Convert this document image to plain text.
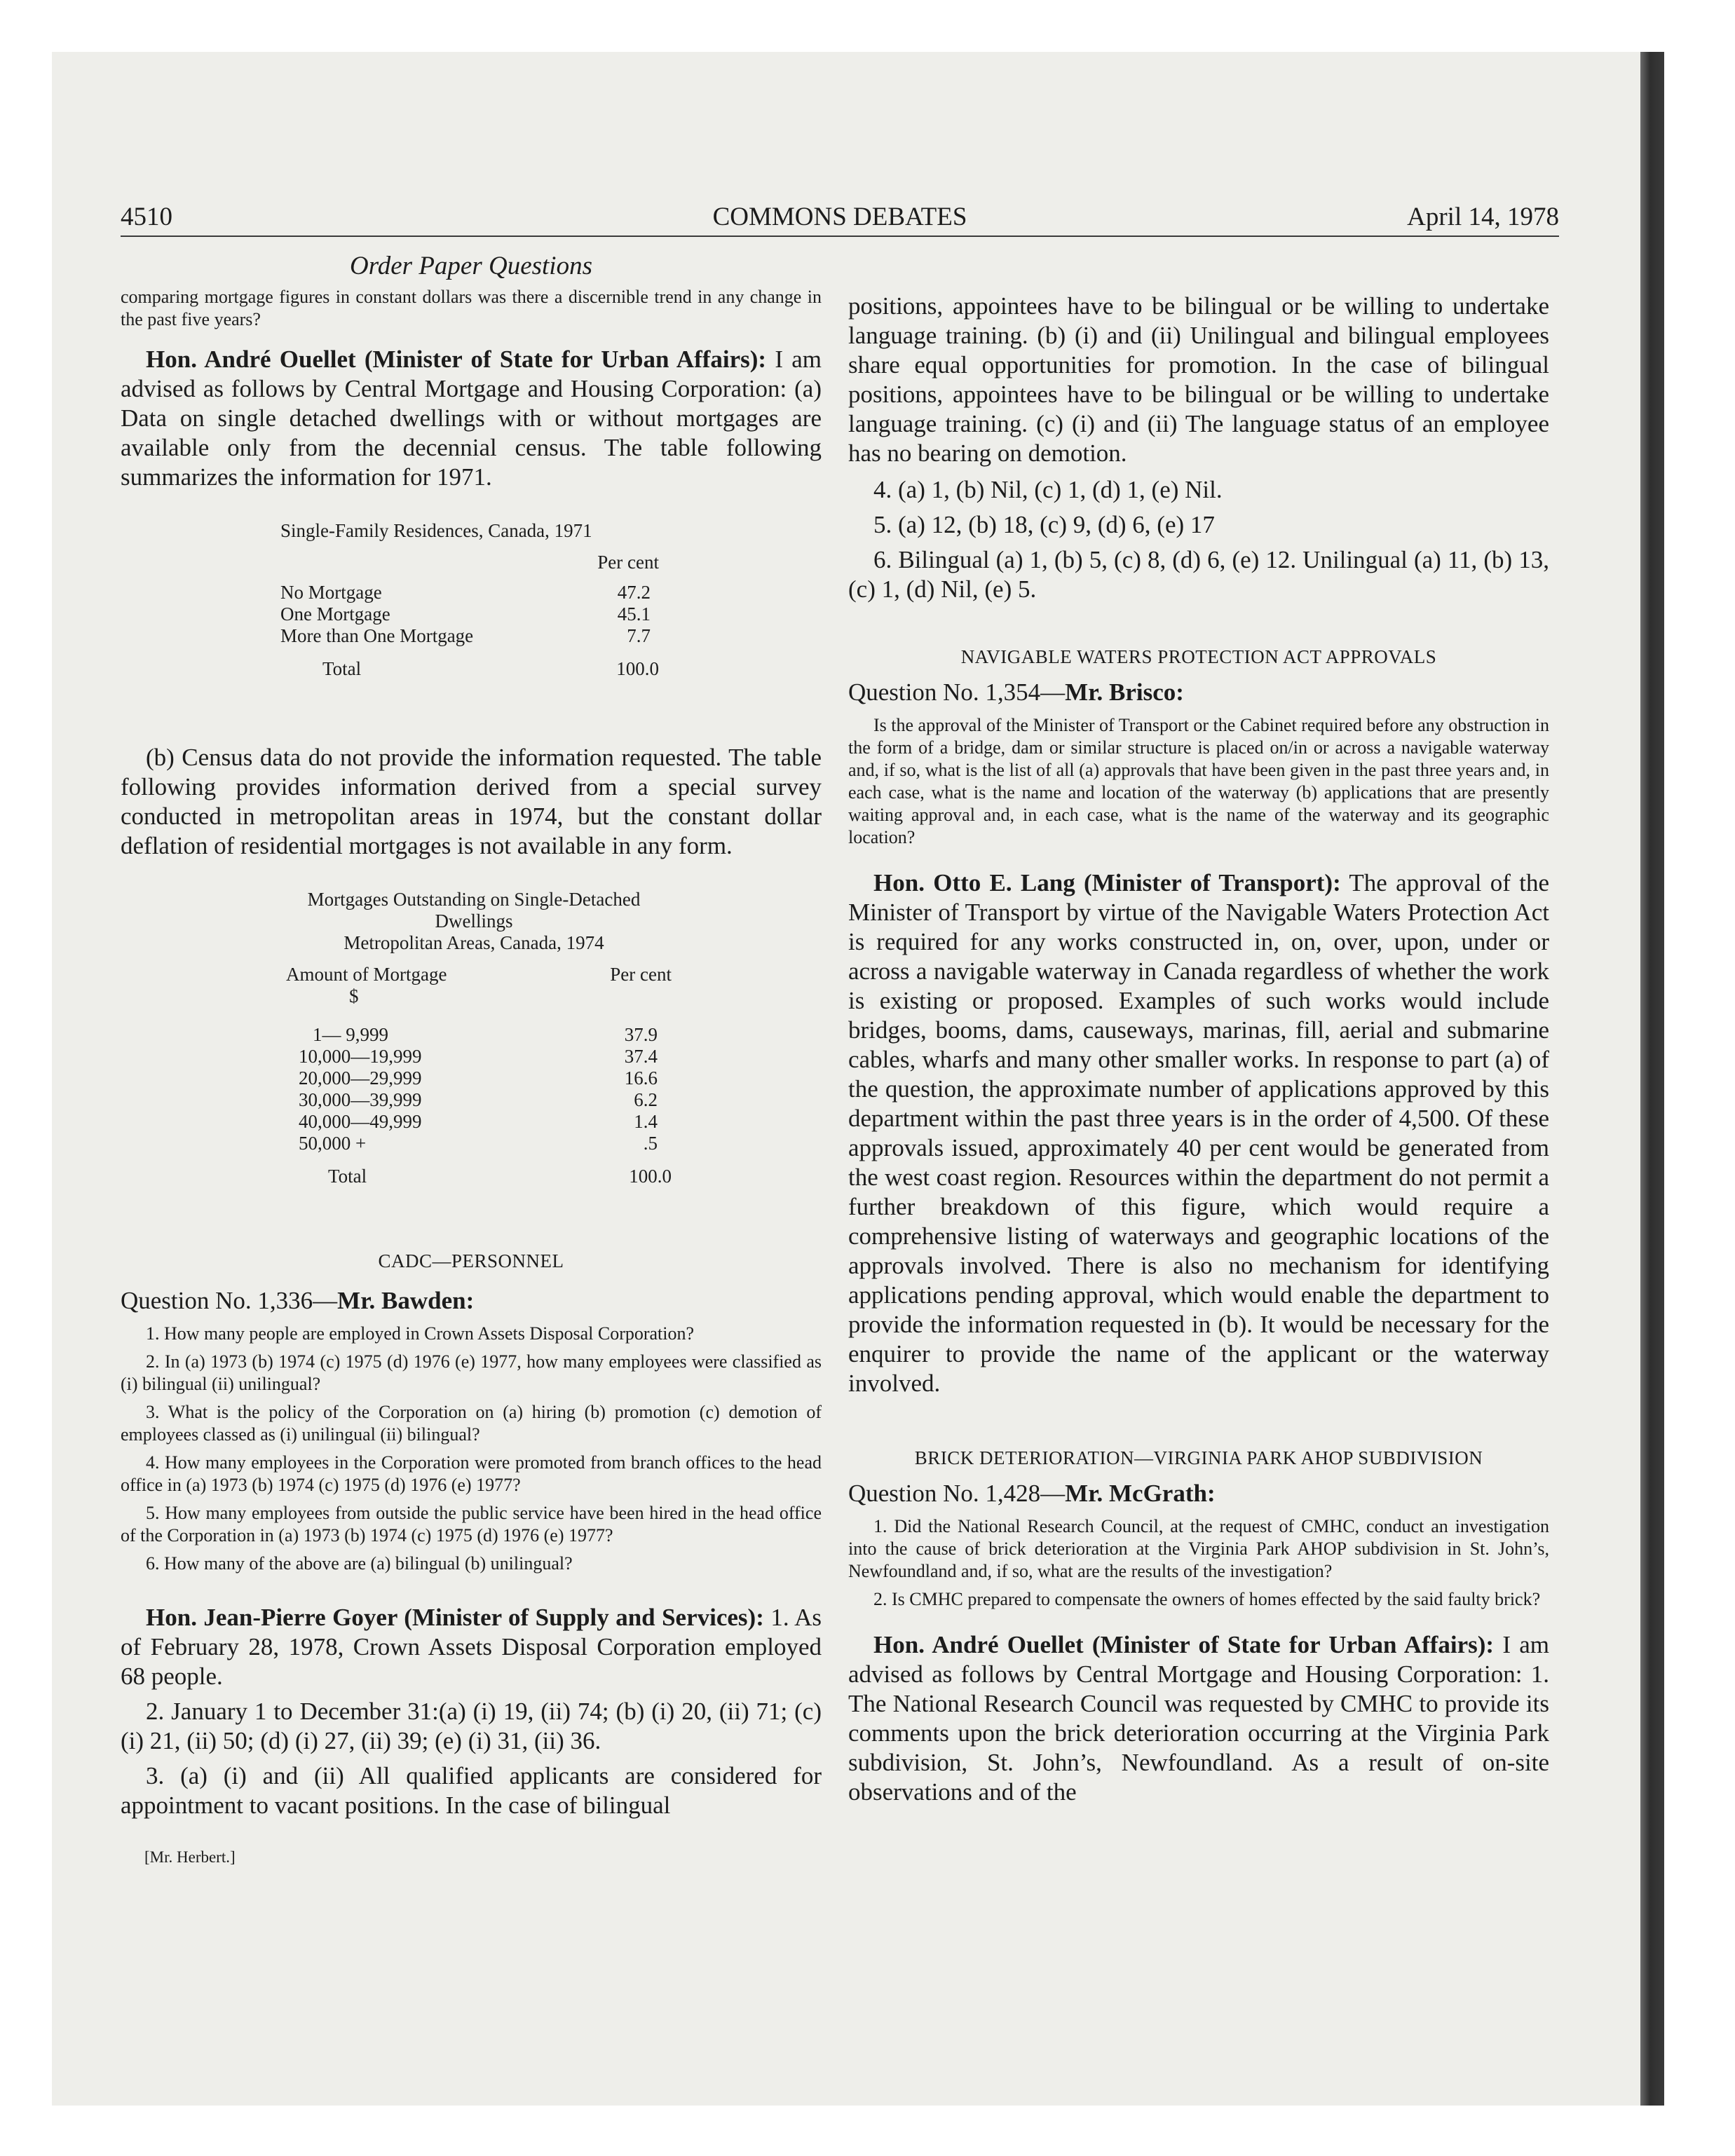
4510	COMMONS DEBATES	April 14, 1978
Order Paper Questions

comparing mortgage figures in constant dollars was there a discernible trend in any change in the past five years?

Hon. André Ouellet (Minister of State for Urban Affairs): I am advised as follows by Central Mortgage and Housing Corporation: (a) Data on single detached dwellings with or without mortgages are available only from the decennial census. The table following summarizes the information for 1971.

Single-Family Residences, Canada, 1971
	Per cent
No Mortgage	47.2
One Mortgage	45.1
More than One Mortgage	7.7
Total	100.0

(b) Census data do not provide the information requested. The table following provides information derived from a special survey conducted in metropolitan areas in 1974, but the constant dollar deflation of residential mortgages is not available in any form.

Mortgages Outstanding on Single-Detached
Dwellings
Metropolitan Areas, Canada, 1974
Amount of Mortgage	Per cent
$	
1— 9,999	37.9
10,000—19,999	37.4
20,000—29,999	16.6
30,000—39,999	6.2
40,000—49,999	1.4
50,000 +	.5
Total	100.0
CADC—PERSONNEL

Question No. 1,336—Mr. Bawden:

1. How many people are employed in Crown Assets Disposal Corporation?

2. In (a) 1973 (b) 1974 (c) 1975 (d) 1976 (e) 1977, how many employees were classified as (i) bilingual (ii) unilingual?

3. What is the policy of the Corporation on (a) hiring (b) promotion (c) demotion of employees classed as (i) unilingual (ii) bilingual?

4. How many employees in the Corporation were promoted from branch offices to the head office in (a) 1973 (b) 1974 (c) 1975 (d) 1976 (e) 1977?

5. How many employees from outside the public service have been hired in the head office of the Corporation in (a) 1973 (b) 1974 (c) 1975 (d) 1976 (e) 1977?

6. How many of the above are (a) bilingual (b) unilingual?

Hon. Jean-Pierre Goyer (Minister of Supply and Services): 1. As of February 28, 1978, Crown Assets Disposal Corporation employed 68 people.

2. January 1 to December 31:(a) (i) 19, (ii) 74; (b) (i) 20, (ii) 71; (c) (i) 21, (ii) 50; (d) (i) 27, (ii) 39; (e) (i) 31, (ii) 36.

3. (a) (i) and (ii) All qualified applicants are considered for appointment to vacant positions. In the case of bilingual

[Mr. Herbert.]

positions, appointees have to be bilingual or be willing to undertake language training. (b) (i) and (ii) Unilingual and bilingual employees share equal opportunities for promotion. In the case of bilingual positions, appointees have to be bilingual or be willing to undertake language training. (c) (i) and (ii) The language status of an employee has no bearing on demotion.

4. (a) 1, (b) Nil, (c) 1, (d) 1, (e) Nil.

5. (a) 12, (b) 18, (c) 9, (d) 6, (e) 17

6. Bilingual (a) 1, (b) 5, (c) 8, (d) 6, (e) 12. Unilingual (a) 11, (b) 13, (c) 1, (d) Nil, (e) 5.

NAVIGABLE WATERS PROTECTION ACT APPROVALS

Question No. 1,354—Mr. Brisco:

Is the approval of the Minister of Transport or the Cabinet required before any obstruction in the form of a bridge, dam or similar structure is placed on/in or across a navigable waterway and, if so, what is the list of all (a) approvals that have been given in the past three years and, in each case, what is the name and location of the waterway (b) applications that are presently waiting approval and, in each case, what is the name of the waterway and its geographic location?

Hon. Otto E. Lang (Minister of Transport): The approval of the Minister of Transport by virtue of the Navigable Waters Protection Act is required for any works constructed in, on, over, upon, under or across a navigable waterway in Canada regardless of whether the work is existing or proposed. Examples of such works would include bridges, booms, dams, causeways, marinas, fill, aerial and submarine cables, wharfs and many other smaller works. In response to part (a) of the question, the approximate number of applications approved by this department within the past three years is in the order of 4,500. Of these approvals issued, approximately 40 per cent would be generated from the west coast region. Resources within the department do not permit a further breakdown of this figure, which would require a comprehensive listing of waterways and geographic locations of the approvals involved. There is also no mechanism for identifying applications pending approval, which would enable the department to provide the information requested in (b). It would be necessary for the enquirer to provide the name of the applicant or the waterway involved.

BRICK DETERIORATION—VIRGINIA PARK AHOP SUBDIVISION

Question No. 1,428—Mr. McGrath:

1. Did the National Research Council, at the request of CMHC, conduct an investigation into the cause of brick deterioration at the Virginia Park AHOP subdivision in St. John’s, Newfoundland and, if so, what are the results of the investigation?

2. Is CMHC prepared to compensate the owners of homes effected by the said faulty brick?

Hon. André Ouellet (Minister of State for Urban Affairs): I am advised as follows by Central Mortgage and Housing Corporation: 1. The National Research Council was requested by CMHC to provide its comments upon the brick deterioration occurring at the Virginia Park subdivision, St. John’s, Newfoundland. As a result of on-site observations and of the
